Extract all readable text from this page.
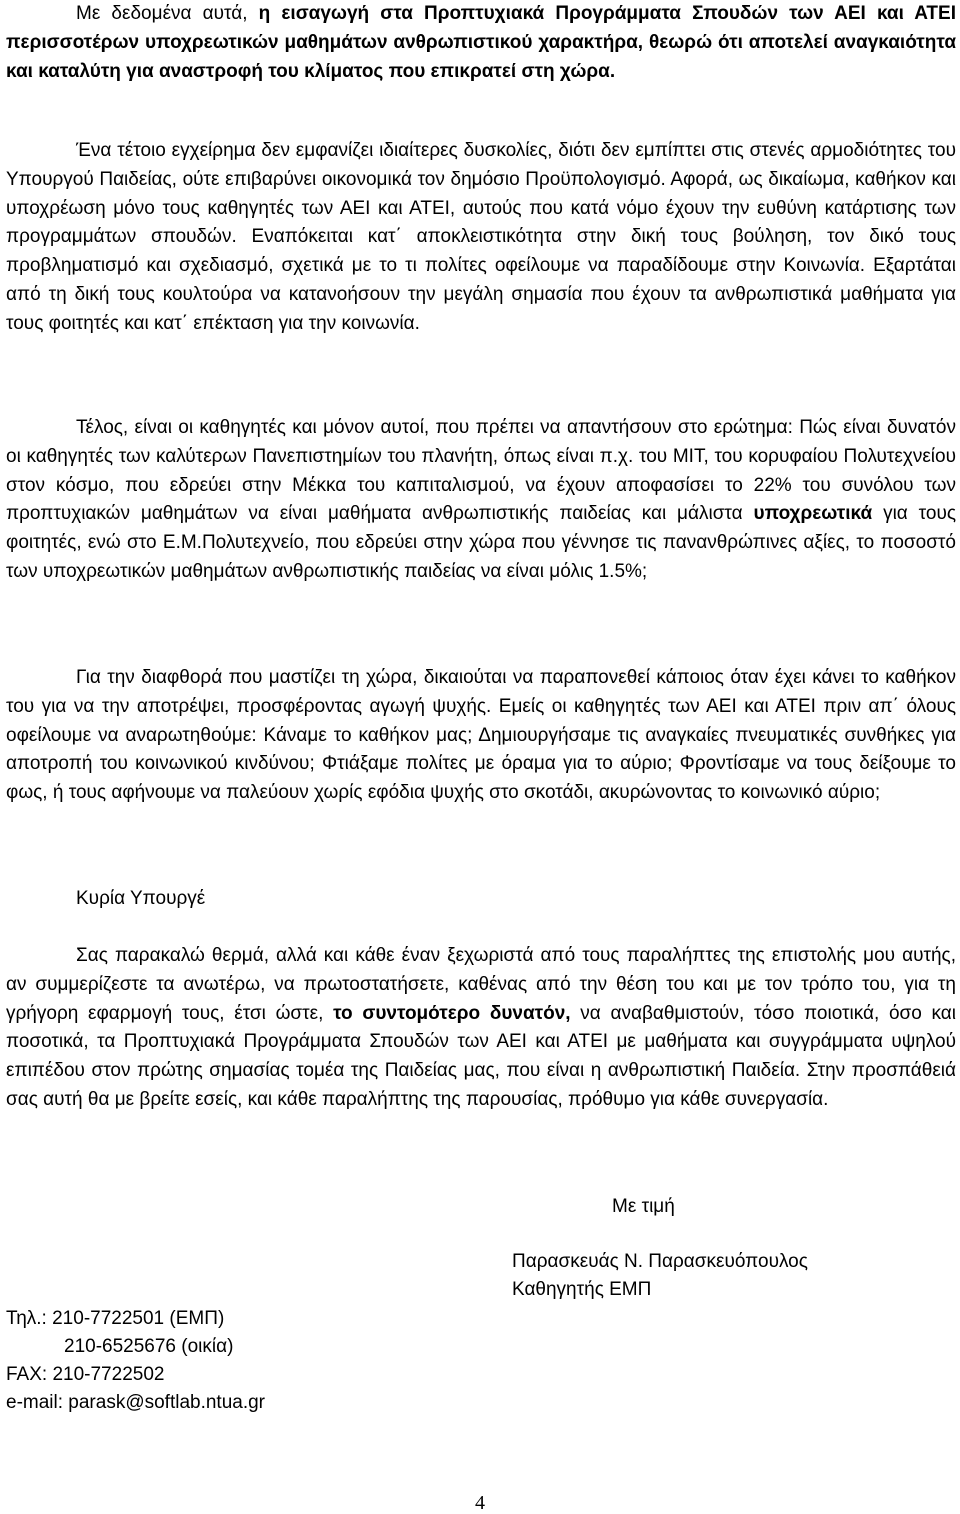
Με δεδομένα αυτά, η εισαγωγή στα Προπτυχιακά Προγράμματα Σπουδών των ΑΕΙ και ΑΤΕΙ περισσοτέρων υποχρεωτικών μαθημάτων ανθρωπιστικού χαρακτήρα, θεωρώ ότι αποτελεί αναγκαιότητα και καταλύτη για αναστροφή του κλίματος που επικρατεί στη χώρα.

Ένα τέτοιο εγχείρημα δεν εμφανίζει ιδιαίτερες δυσκολίες, διότι δεν εμπίπτει στις στενές αρμοδιότητες του Υπουργού Παιδείας, ούτε επιβαρύνει οικονομικά τον δημόσιο Προϋπολογισμό. Αφορά, ως δικαίωμα, καθήκον και υποχρέωση μόνο τους καθηγητές των ΑΕΙ και ΑΤΕΙ, αυτούς που κατά νόμο έχουν την ευθύνη κατάρτισης των προγραμμάτων σπουδών. Εναπόκειται κατ΄ αποκλειστικότητα στην δική τους βούληση, τον δικό τους προβληματισμό και σχεδιασμό, σχετικά με το τι πολίτες οφείλουμε να παραδίδουμε στην Κοινωνία. Εξαρτάται από τη δική τους κουλτούρα να κατανοήσουν την μεγάλη σημασία που έχουν τα ανθρωπιστικά μαθήματα για τους φοιτητές και κατ΄ επέκταση για την κοινωνία.

Τέλος, είναι οι καθηγητές και μόνον αυτοί, που πρέπει να απαντήσουν στο ερώτημα: Πώς είναι δυνατόν οι καθηγητές των καλύτερων Πανεπιστημίων του πλανήτη, όπως είναι π.χ. του ΜΙΤ, του κορυφαίου Πολυτεχνείου στον κόσμο, που εδρεύει στην Μέκκα του καπιταλισμού, να έχουν αποφασίσει το 22% του συνόλου των προπτυχιακών μαθημάτων να είναι μαθήματα ανθρωπιστικής παιδείας και μάλιστα υποχρεωτικά για τους φοιτητές, ενώ στο Ε.Μ.Πολυτεχνείο, που εδρεύει στην χώρα που γέννησε τις πανανθρώπινες αξίες, το ποσοστό των υποχρεωτικών μαθημάτων ανθρωπιστικής παιδείας να είναι μόλις 1.5%;

Για την διαφθορά που μαστίζει τη χώρα, δικαιούται να παραπονεθεί κάποιος όταν έχει κάνει το καθήκον του για να την αποτρέψει, προσφέροντας αγωγή ψυχής. Εμείς οι καθηγητές των ΑΕΙ και ΑΤΕΙ πριν απ΄ όλους οφείλουμε να αναρωτηθούμε: Κάναμε το καθήκον μας; Δημιουργήσαμε τις αναγκαίες πνευματικές συνθήκες για αποτροπή του κοινωνικού κινδύνου; Φτιάξαμε πολίτες με όραμα για το αύριο; Φροντίσαμε να τους δείξουμε το φως, ή τους αφήνουμε να παλεύουν χωρίς εφόδια ψυχής στο σκοτάδι, ακυρώνοντας το κοινωνικό αύριο;

Κυρία Υπουργέ

Σας παρακαλώ θερμά, αλλά και κάθε έναν ξεχωριστά από τους παραλήπτες της επιστολής μου αυτής, αν συμμερίζεστε τα ανωτέρω, να πρωτοστατήσετε, καθένας από την θέση του και με τον τρόπο του, για τη γρήγορη εφαρμογή τους, έτσι ώστε, το συντομότερο δυνατόν, να αναβαθμιστούν, τόσο ποιοτικά, όσο και ποσοτικά, τα Προπτυχιακά Προγράμματα Σπουδών των ΑΕΙ και ΑΤΕΙ με μαθήματα και συγγράμματα υψηλού επιπέδου στον πρώτης σημασίας τομέα της Παιδείας μας, που είναι η ανθρωπιστική Παιδεία. Στην προσπάθειά σας αυτή θα με βρείτε εσείς, και κάθε παραλήπτης της παρουσίας, πρόθυμο για κάθε συνεργασία.

Με τιμή
Παρασκευάς Ν. Παρασκευόπουλος
Καθηγητής ΕΜΠ
Τηλ.: 210-7722501 (ΕΜΠ)
210-6525676 (οικία)
FAX: 210-7722502
e-mail: parask@softlab.ntua.gr
4
